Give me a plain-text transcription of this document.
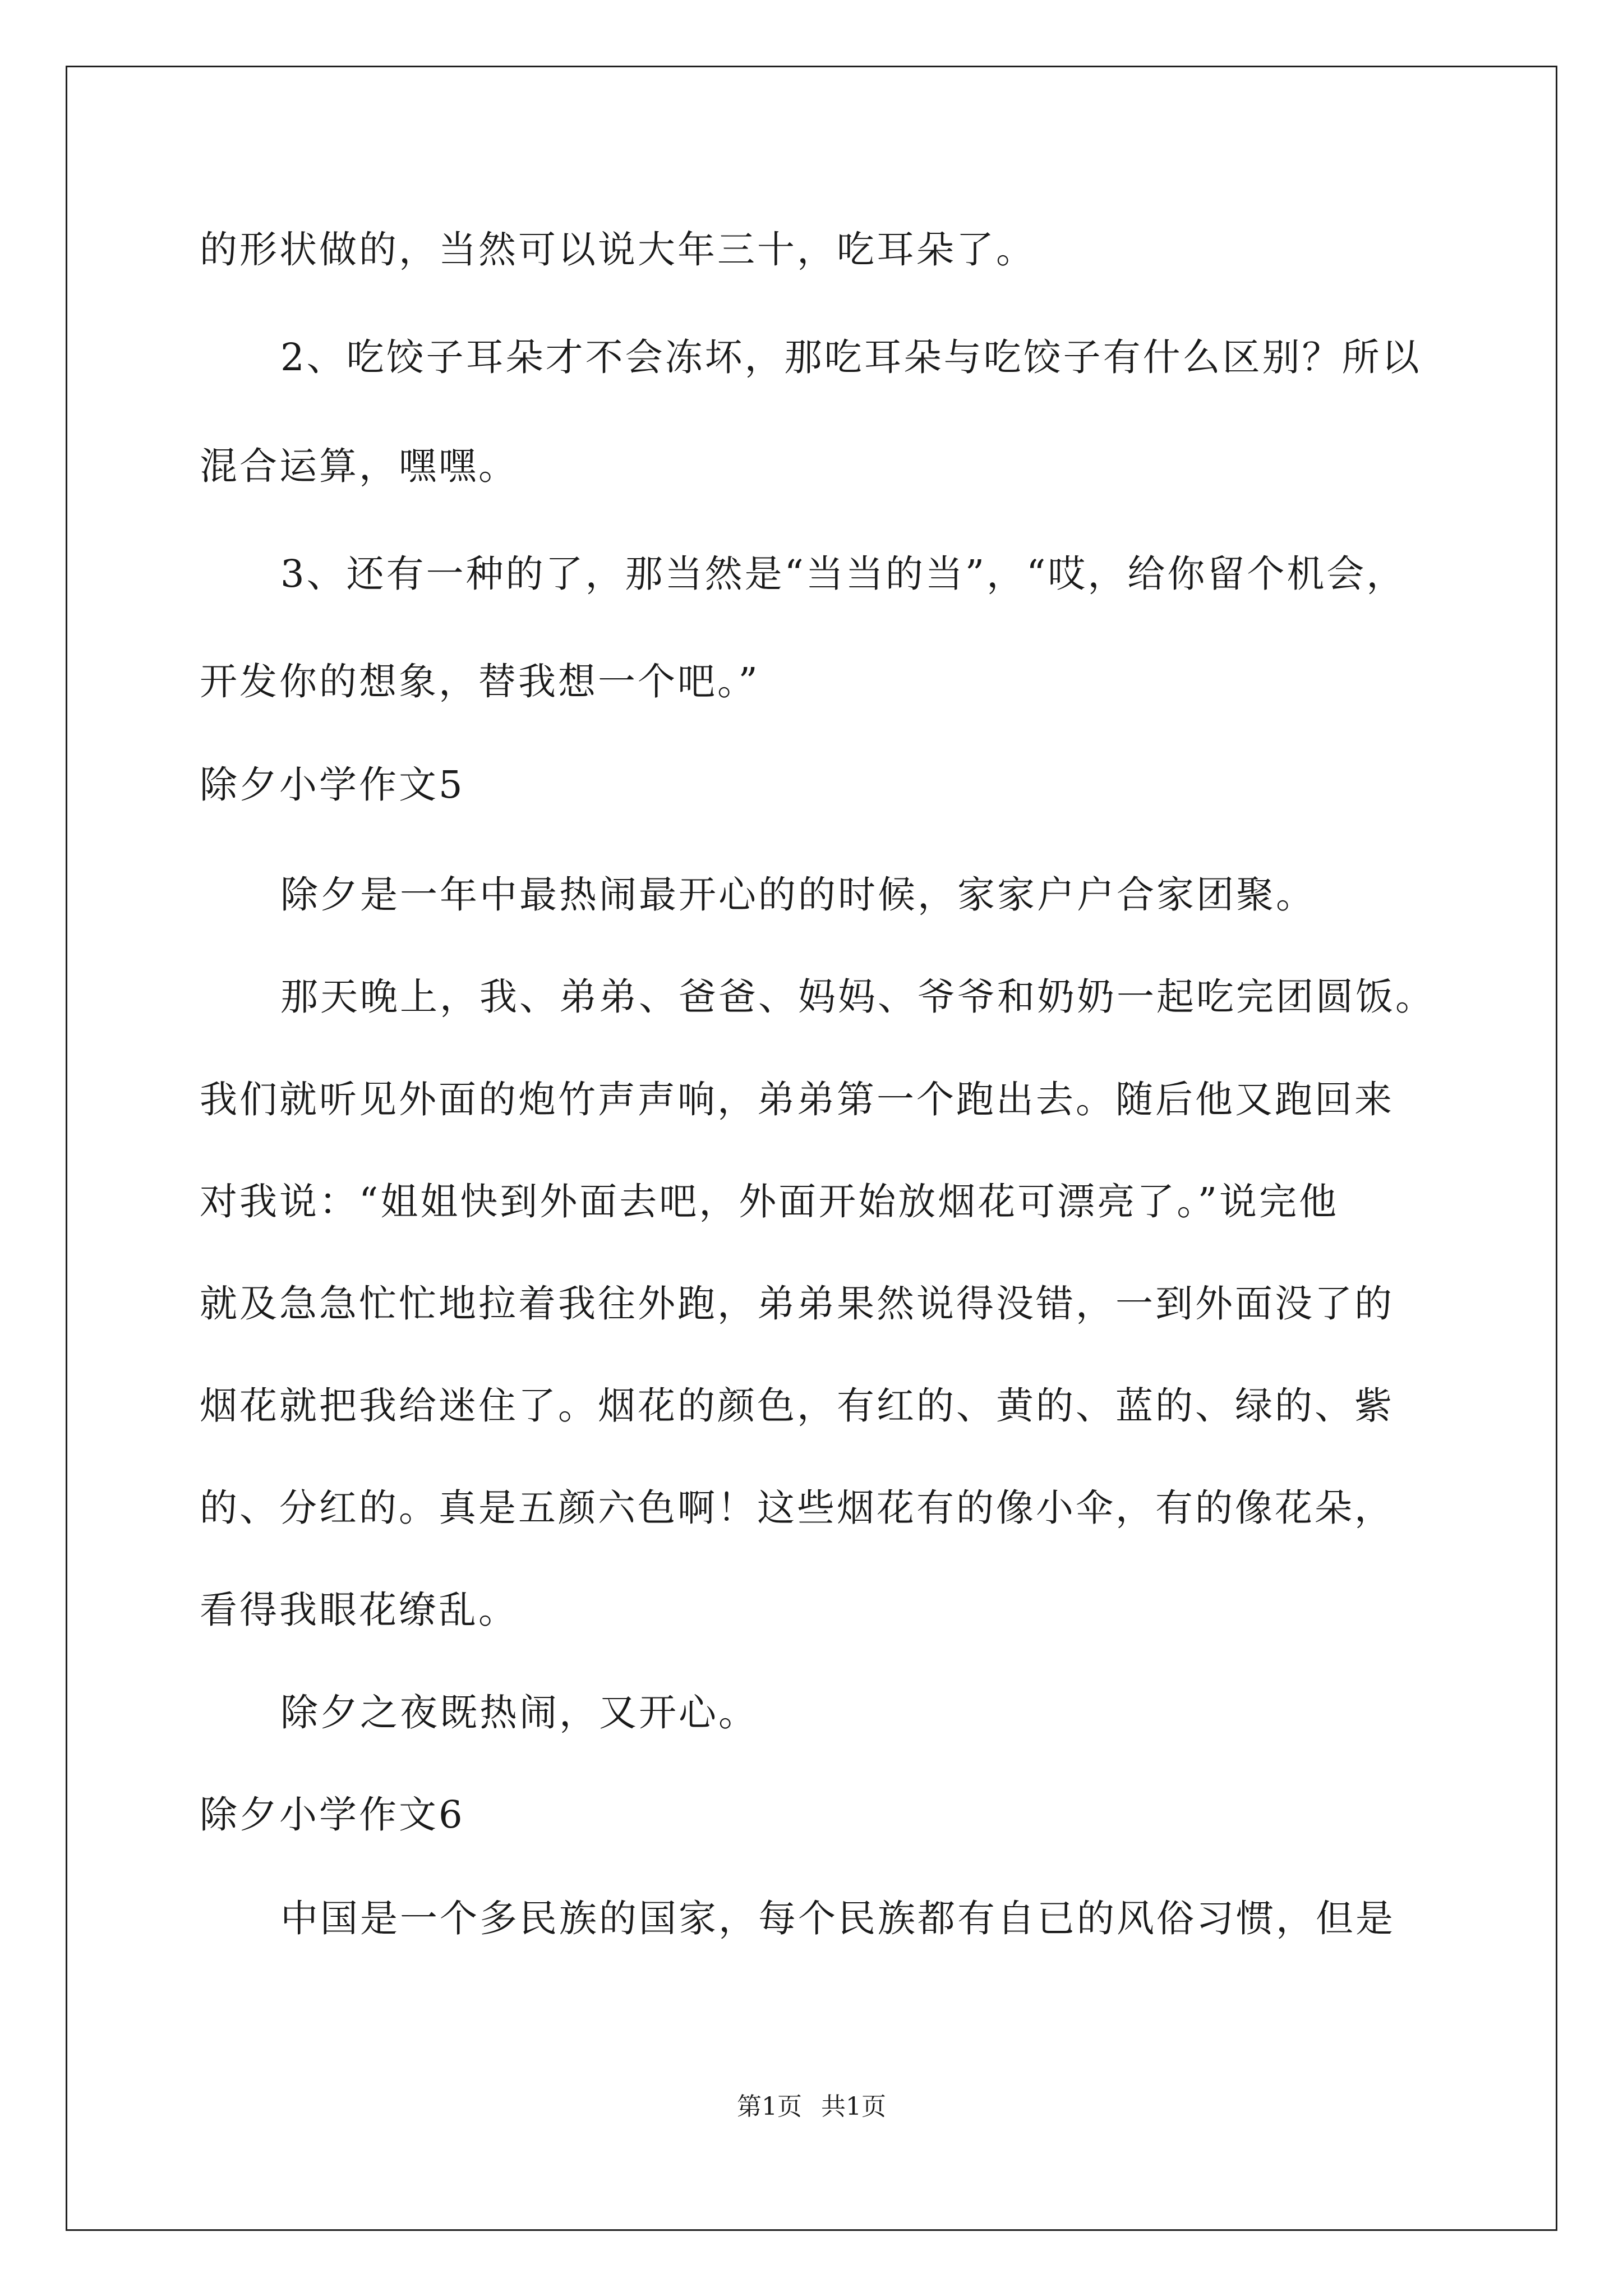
的形状做的，当然可以说大年三十，吃耳朵了。
2、吃饺子耳朵才不会冻坏，那吃耳朵与吃饺子有什么区别？所以
混合运算，嘿嘿。
3、还有一种的了，那当然是“当当的当”，“哎，给你留个机会，
开发你的想象，替我想一个吧。”
除夕小学作文5
除夕是一年中最热闹最开心的的时候，家家户户合家团聚。
那天晚上，我、弟弟、爸爸、妈妈、爷爷和奶奶一起吃完团圆饭。
我们就听见外面的炮竹声声响，弟弟第一个跑出去。随后他又跑回来
对我说：“姐姐快到外面去吧，外面开始放烟花可漂亮了。”说完他
就及急急忙忙地拉着我往外跑，弟弟果然说得没错，一到外面没了的
烟花就把我给迷住了。烟花的颜色，有红的、黄的、蓝的、绿的、紫
的、分红的。真是五颜六色啊！这些烟花有的像小伞，有的像花朵，
看得我眼花缭乱。
除夕之夜既热闹，又开心。
除夕小学作文6
中国是一个多民族的国家，每个民族都有自已的风俗习惯，但是
第1页 共1页
